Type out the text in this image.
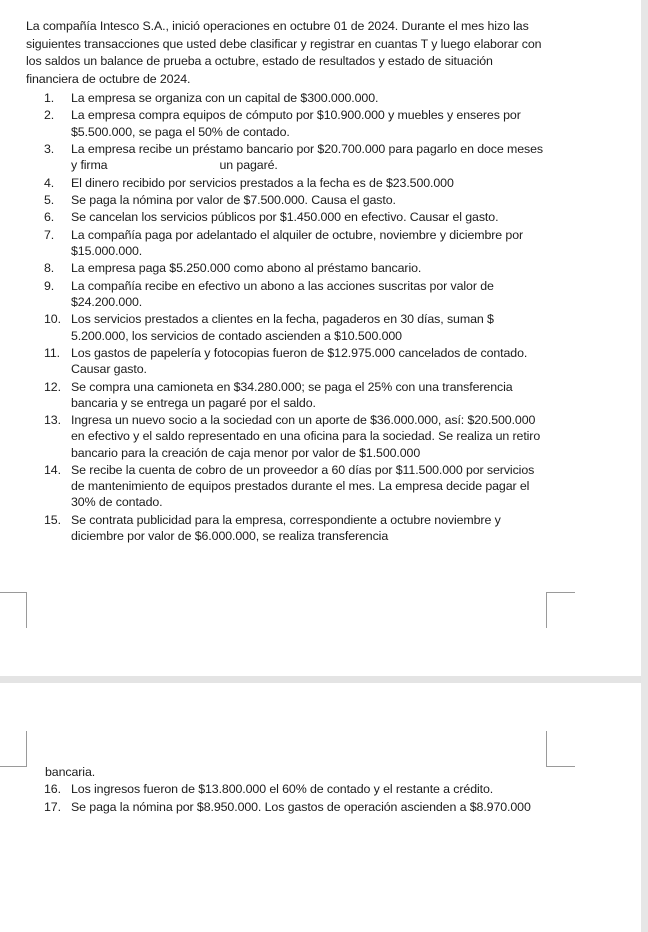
La compañía Intesco S.A., inició operaciones en octubre 01 de 2024. Durante el mes hizo las siguientes transacciones que usted debe clasificar y registrar en cuantas T y luego elaborar con los saldos un balance de prueba a octubre, estado de resultados y estado de situación financiera de octubre de 2024.

1.	La empresa se organiza con un capital de $300.000.000.
2.	La empresa compra equipos de cómputo por $10.900.000 y muebles y enseres por $5.500.000, se paga el 50% de contado.
3.	La empresa recibe un préstamo bancario por $20.700.000 para pagarlo en doce meses y firma	un pagaré.
4.	El dinero recibido por servicios prestados a la fecha es de $23.500.000
5.	Se paga la nómina por valor de $7.500.000. Causa el gasto.
6.	Se cancelan los servicios públicos por $1.450.000 en efectivo. Causar el gasto.
7.	La compañía paga por adelantado el alquiler de octubre, noviembre y diciembre por $15.000.000.
8.	La empresa paga $5.250.000 como abono al préstamo bancario.
9.	La compañía recibe en efectivo un abono a las acciones suscritas por valor de $24.200.000.
10. Los servicios prestados a clientes en la fecha, pagaderos en 30 días, suman $ 5.200.000, los servicios de contado ascienden a $10.500.000
11. Los gastos de papelería y fotocopias fueron de $12.975.000 cancelados de contado. Causar gasto.
12. Se compra una camioneta en $34.280.000; se paga el 25% con una transferencia bancaria y se entrega un pagaré por el saldo.
13. Ingresa un nuevo socio a la sociedad con un aporte de $36.000.000, así: $20.500.000 en efectivo y el saldo representado en una oficina para la sociedad. Se realiza un retiro bancario para la creación de caja menor por valor de $1.500.000
14. Se recibe la cuenta de cobro de un proveedor a 60 días por $11.500.000 por servicios de mantenimiento de equipos prestados durante el mes. La empresa decide pagar el 30% de contado.
15. Se contrata publicidad para la empresa, correspondiente a octubre noviembre y diciembre por valor de $6.000.000, se realiza transferencia
bancaria.
16. Los ingresos fueron de $13.800.000 el 60% de contado y el restante a crédito.
17. Se paga la nómina por $8.950.000. Los gastos de operación ascienden a $8.970.000
